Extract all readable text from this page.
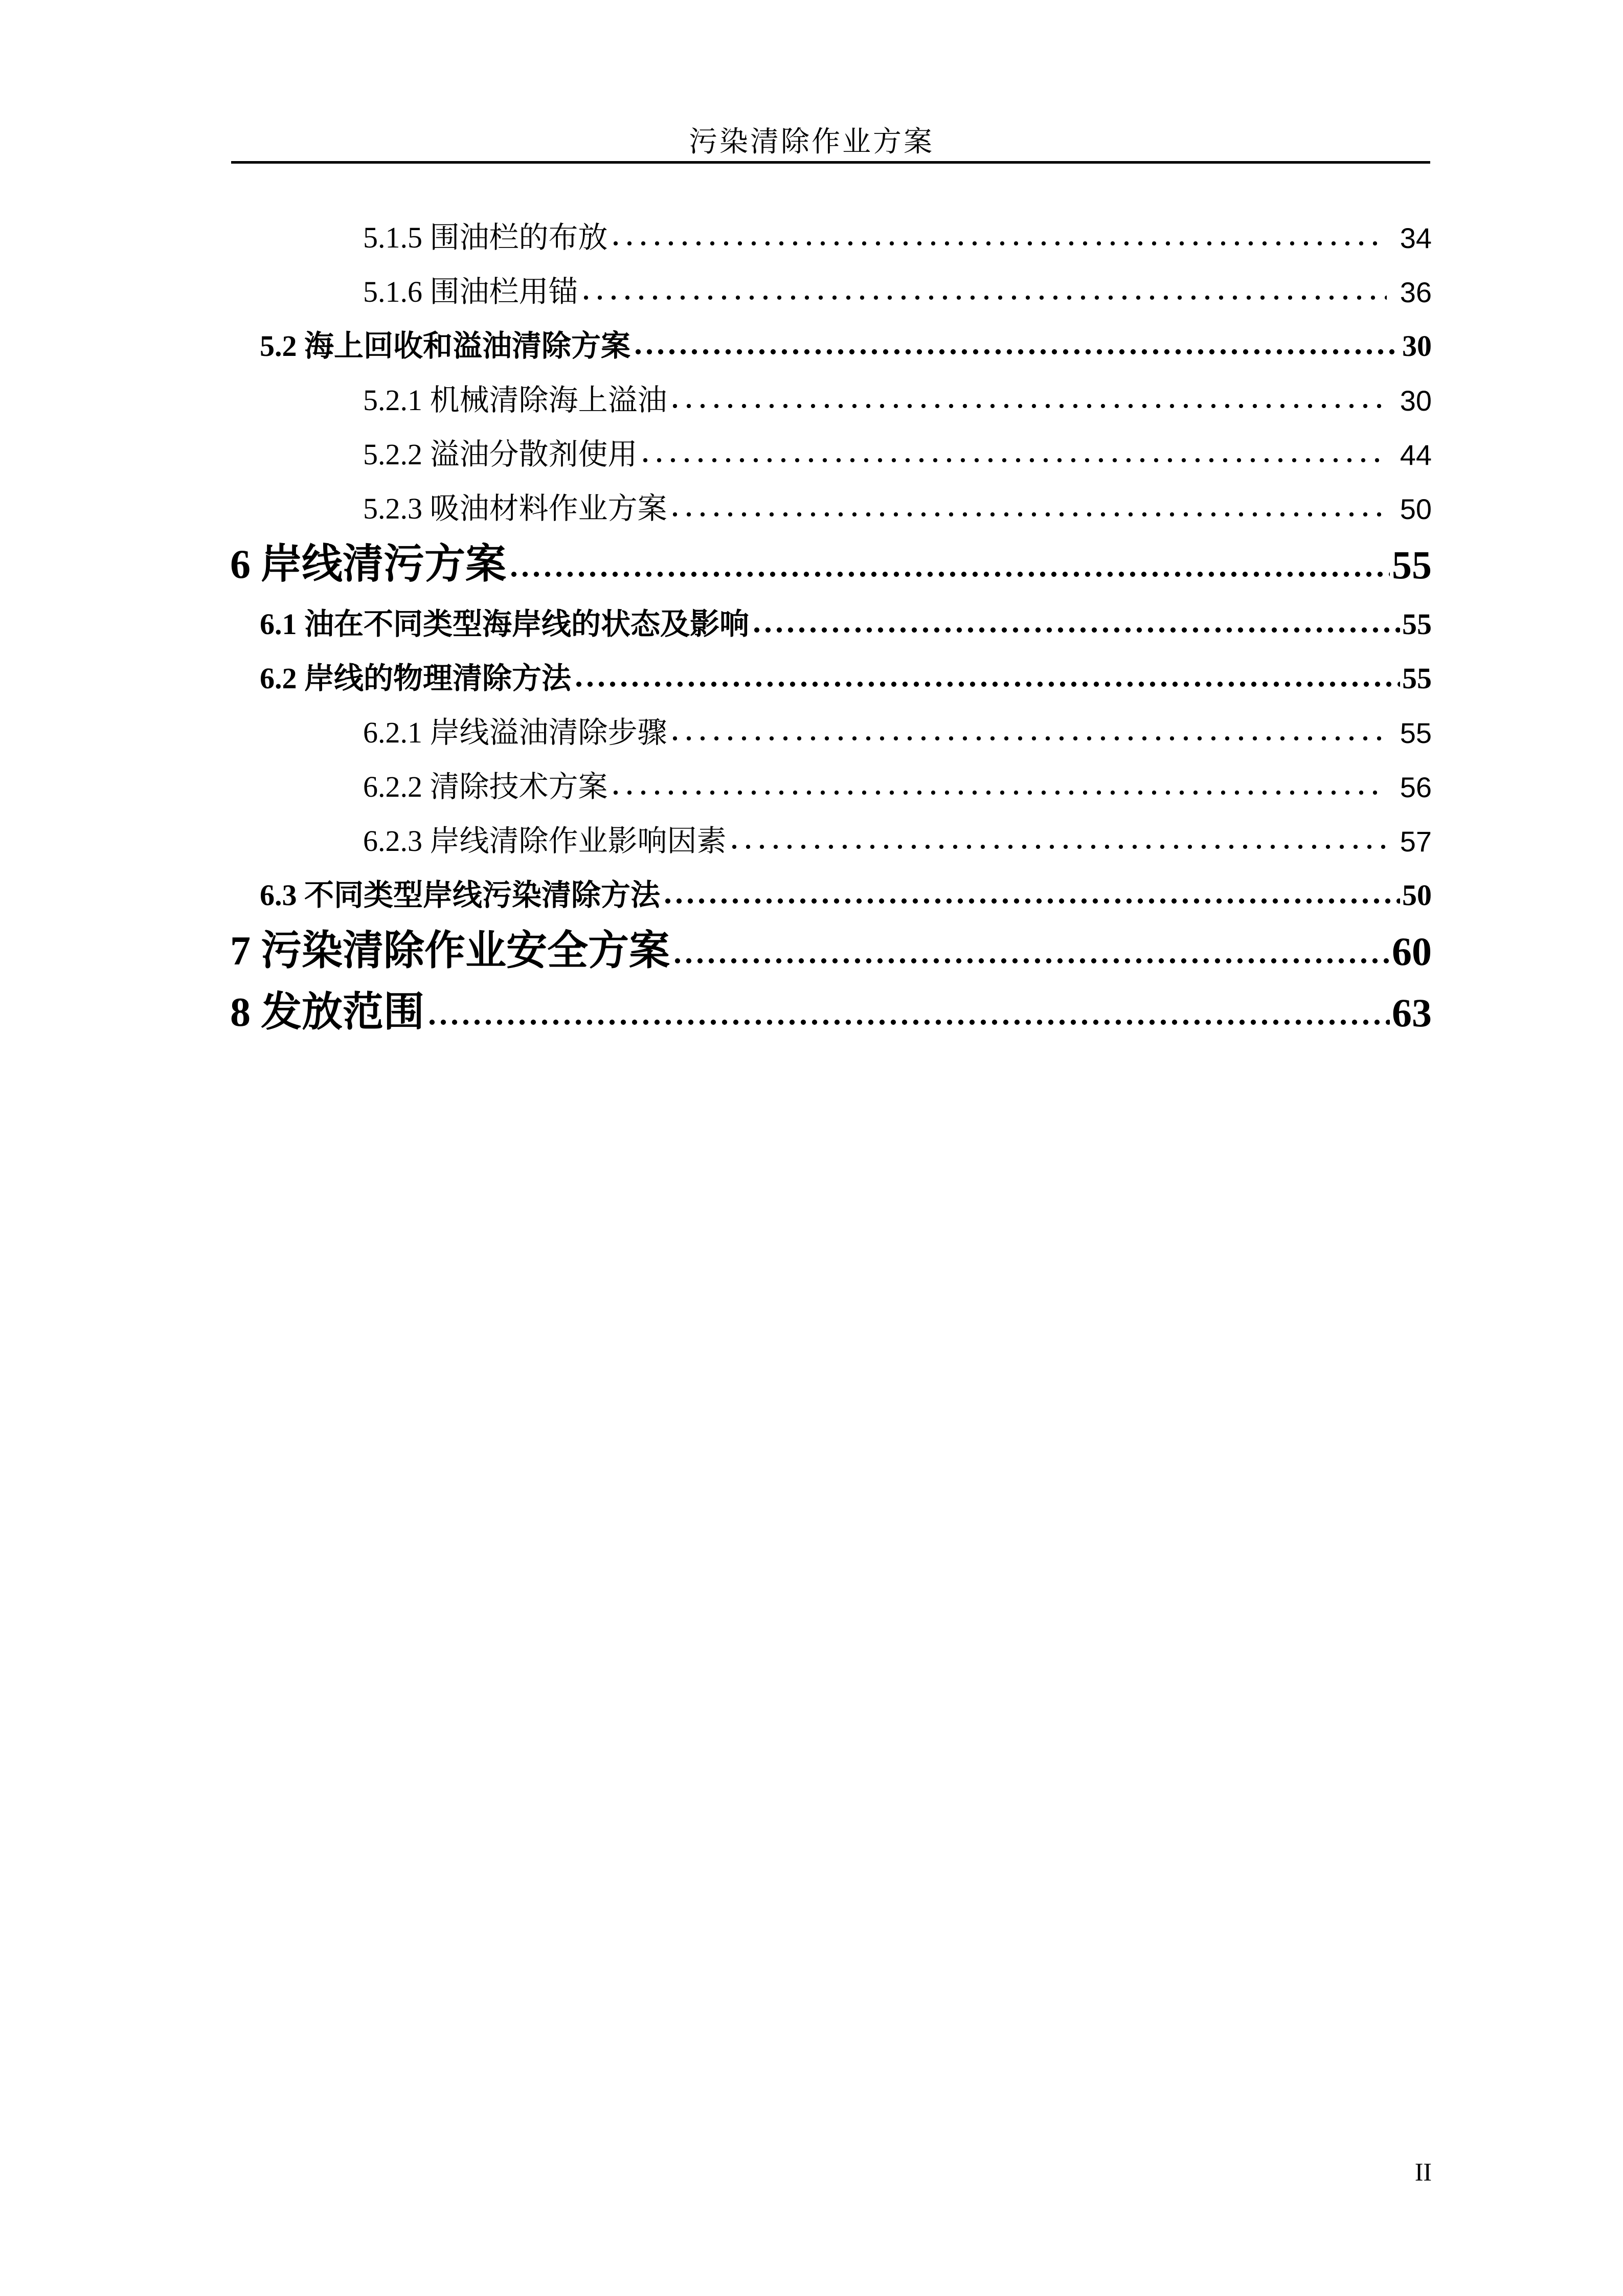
污染清除作业方案
5.1.5 围油栏的布放	34
5.1.6 围油栏用锚	36
5.2 海上回收和溢油清除方案	30
5.2.1 机械清除海上溢油	30
5.2.2 溢油分散剂使用	44
5.2.3 吸油材料作业方案	50
6 岸线清污方案	55
6.1 油在不同类型海岸线的状态及影响	55
6.2 岸线的物理清除方法	55
6.2.1 岸线溢油清除步骤	55
6.2.2 清除技术方案	56
6.2.3 岸线清除作业影响因素	57
6.3 不同类型岸线污染清除方法	50
7 污染清除作业安全方案	60
8 发放范围	63
II
